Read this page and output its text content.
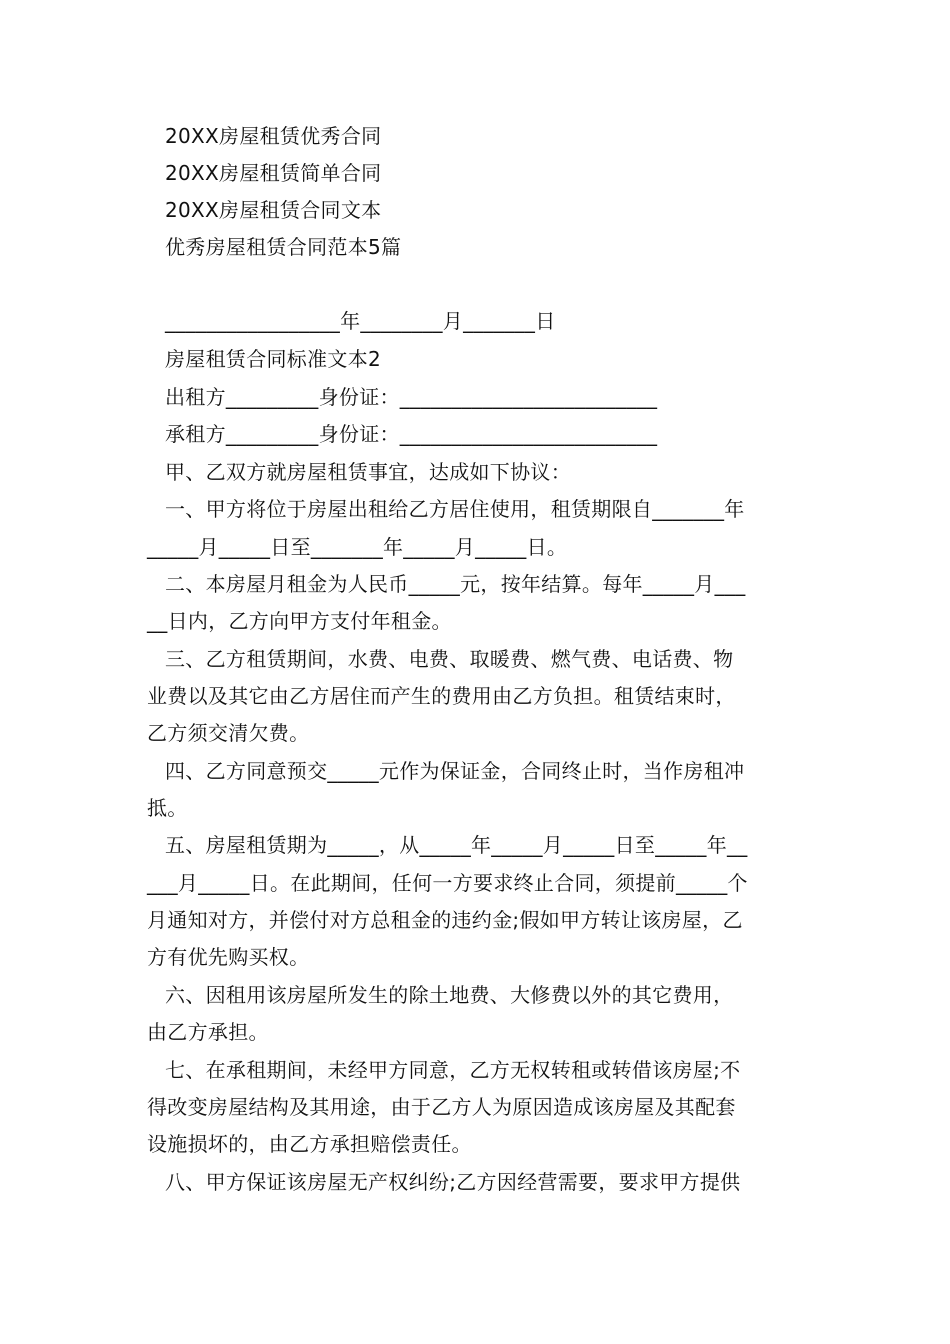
20XX房屋租赁优秀合同
20XX房屋租赁简单合同
20XX房屋租赁合同文本
优秀房屋租赁合同范本5篇
_________________年________月_______日
房屋租赁合同标准文本2
出租方_________身份证：_________________________
承租方_________身份证：_________________________
甲、乙双方就房屋租赁事宜，达成如下协议：
一、甲方将位于房屋出租给乙方居住使用，租赁期限自_______年
_____月_____日至_______年_____月_____日。
二、本房屋月租金为人民币_____元，按年结算。每年_____月___
__日内，乙方向甲方支付年租金。
三、乙方租赁期间，水费、电费、取暖费、燃气费、电话费、物
业费以及其它由乙方居住而产生的费用由乙方负担。租赁结束时，
乙方须交清欠费。
四、乙方同意预交_____元作为保证金，合同终止时，当作房租冲
抵。
五、房屋租赁期为_____，从_____年_____月_____日至_____年__
___月_____日。在此期间，任何一方要求终止合同，须提前_____个
月通知对方，并偿付对方总租金的违约金;假如甲方转让该房屋，乙
方有优先购买权。
六、因租用该房屋所发生的除土地费、大修费以外的其它费用，
由乙方承担。
七、在承租期间，未经甲方同意，乙方无权转租或转借该房屋;不
得改变房屋结构及其用途，由于乙方人为原因造成该房屋及其配套
设施损坏的，由乙方承担赔偿责任。
八、甲方保证该房屋无产权纠纷;乙方因经营需要，要求甲方提供
